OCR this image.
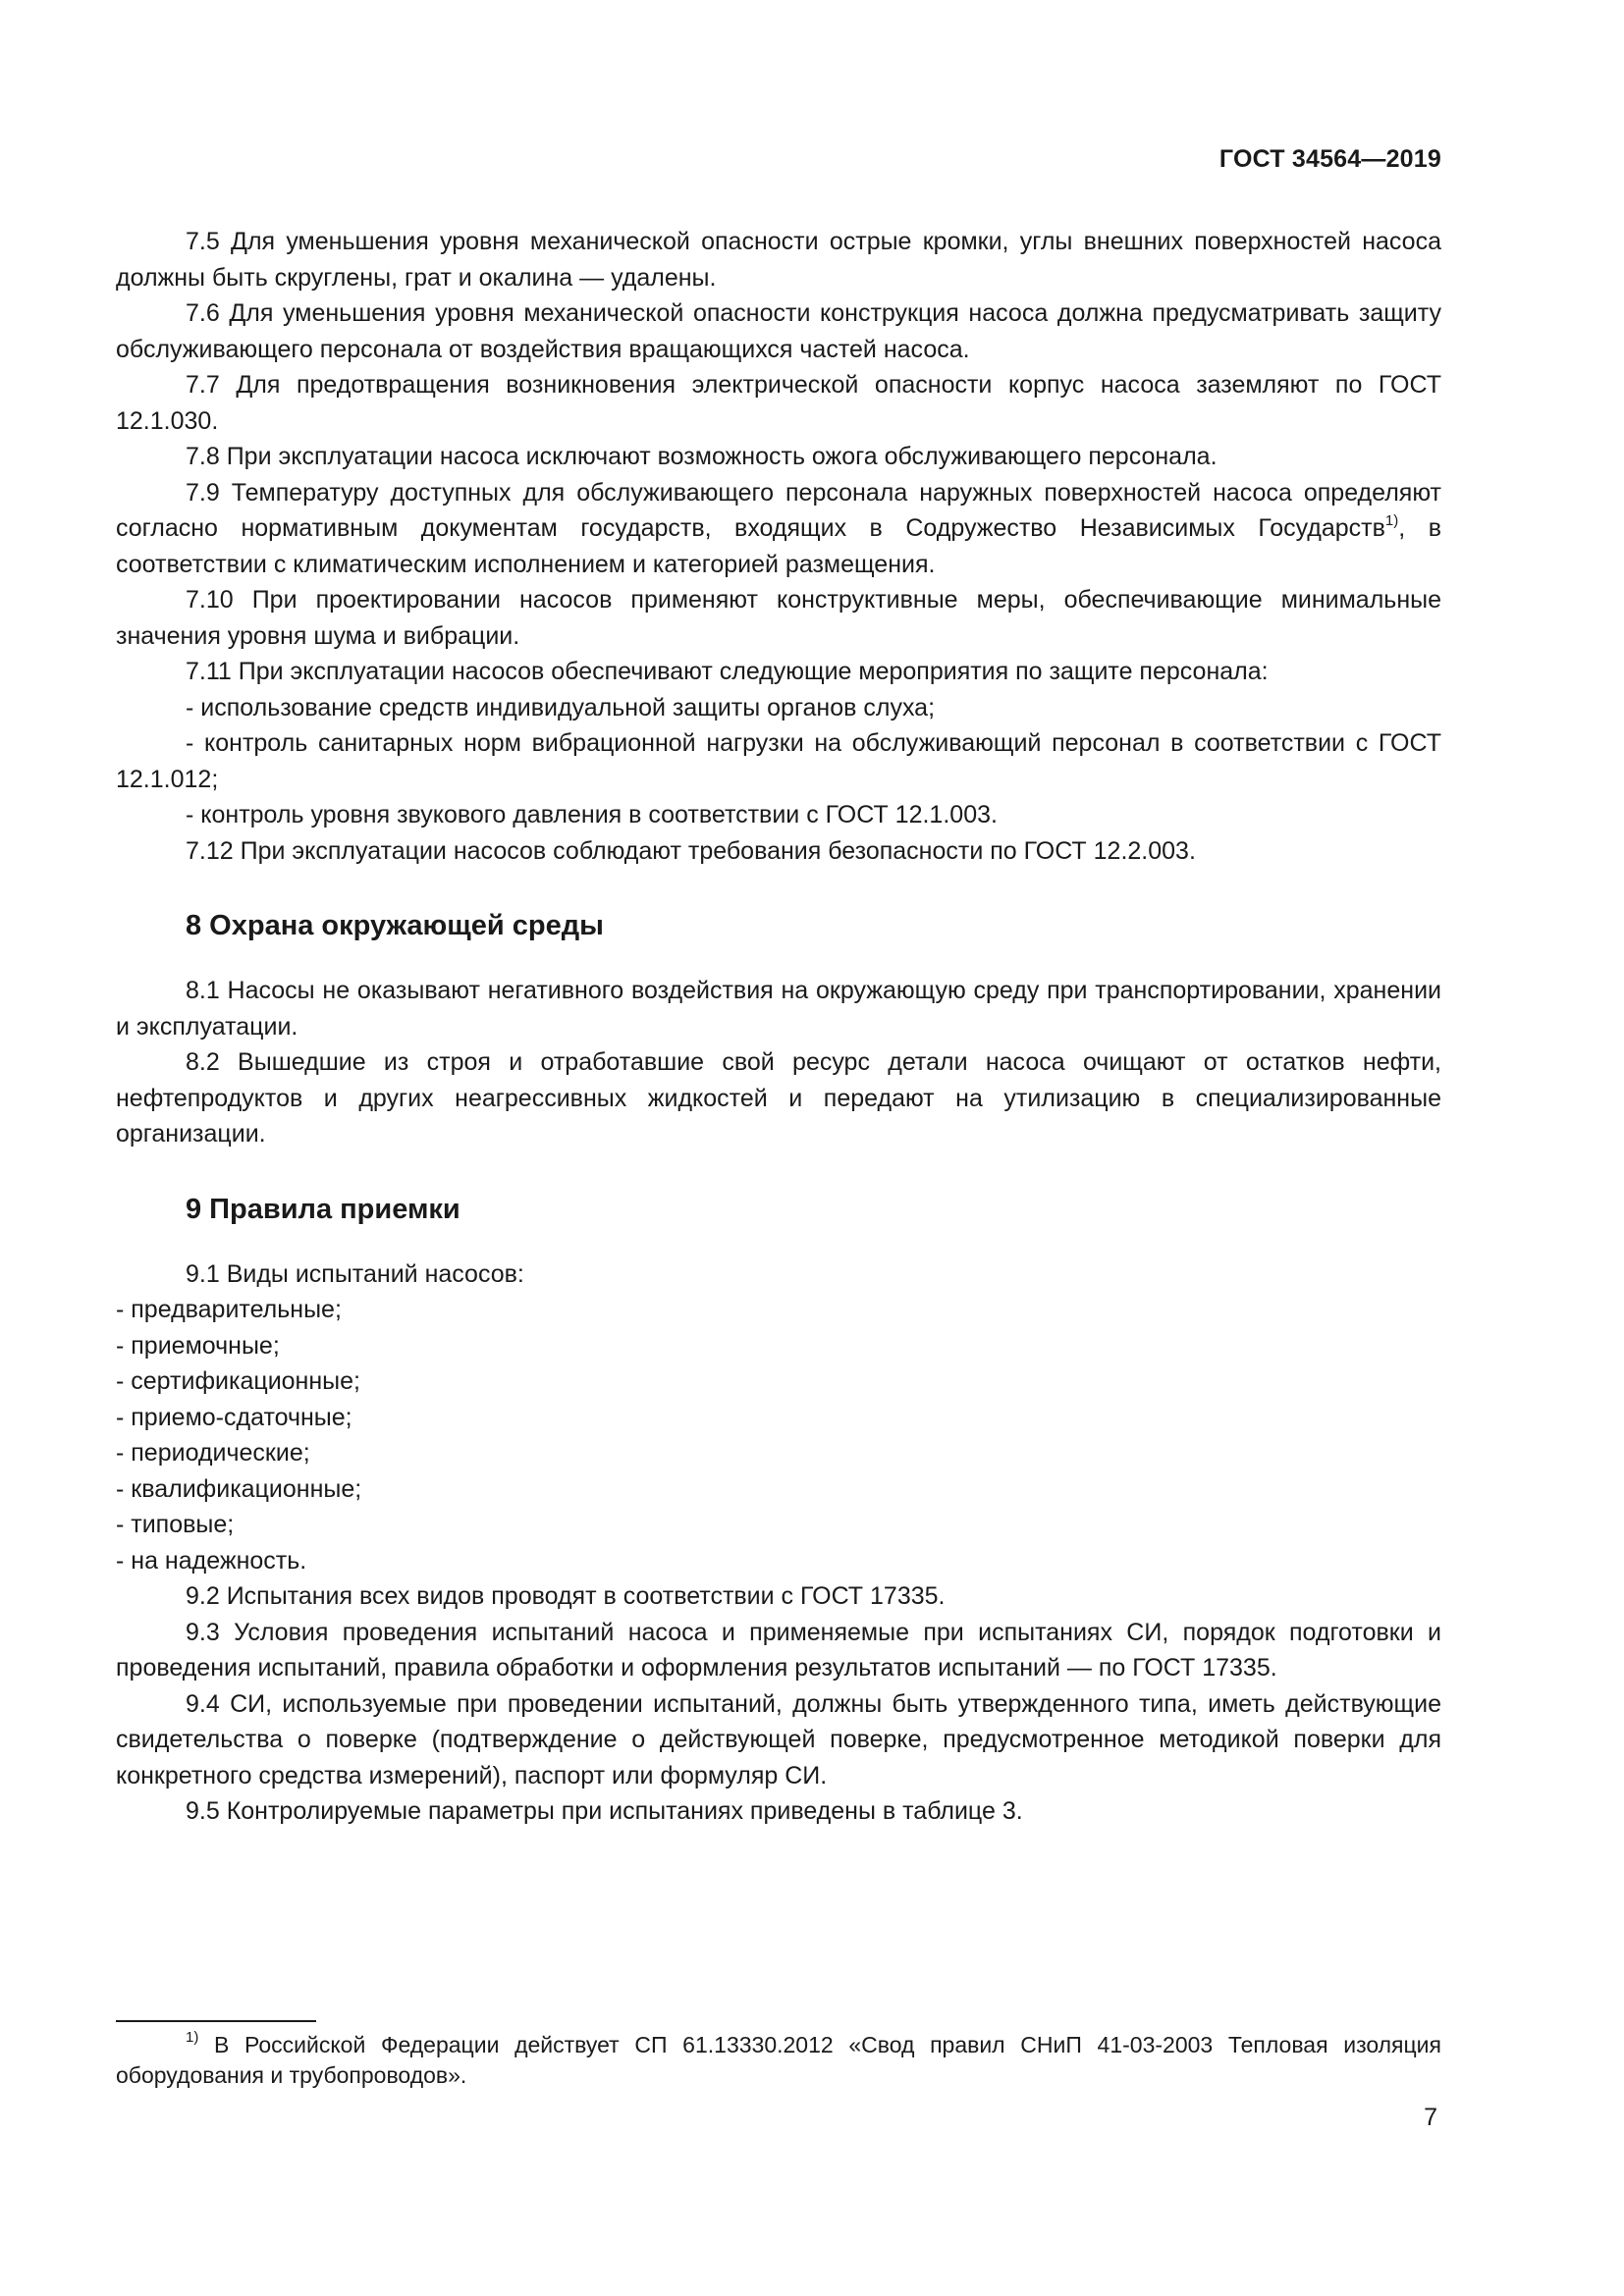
ГОСТ 34564—2019

7.5 Для уменьшения уровня механической опасности острые кромки, углы внешних поверхностей насоса должны быть скруглены, грат и окалина — удалены.

7.6 Для уменьшения уровня механической опасности конструкция насоса должна предусматривать защиту обслуживающего персонала от воздействия вращающихся частей насоса.

7.7 Для предотвращения возникновения электрической опасности корпус насоса заземляют по ГОСТ 12.1.030.

7.8 При эксплуатации насоса исключают возможность ожога обслуживающего персонала.

7.9 Температуру доступных для обслуживающего персонала наружных поверхностей насоса определяют согласно нормативным документам государств, входящих в Содружество Независимых Государств$^{1)}$, в соответствии с климатическим исполнением и категорией размещения.

7.10 При проектировании насосов применяют конструктивные меры, обеспечивающие минимальные значения уровня шума и вибрации.

7.11 При эксплуатации насосов обеспечивают следующие мероприятия по защите персонала:

- использование средств индивидуальной защиты органов слуха;

- контроль санитарных норм вибрационной нагрузки на обслуживающий персонал в соответствии с ГОСТ 12.1.012;

- контроль уровня звукового давления в соответствии с ГОСТ 12.1.003.

7.12 При эксплуатации насосов соблюдают требования безопасности по ГОСТ 12.2.003.

8 Охрана окружающей среды

8.1 Насосы не оказывают негативного воздействия на окружающую среду при транспортировании, хранении и эксплуатации.

8.2 Вышедшие из строя и отработавшие свой ресурс детали насоса очищают от остатков нефти, нефтепродуктов и других неагрессивных жидкостей и передают на утилизацию в специализированные организации.

9 Правила приемки

9.1 Виды испытаний насосов:

- предварительные;

- приемочные;

- сертификационные;

- приемо-сдаточные;

- периодические;

- квалификационные;

- типовые;

- на надежность.

9.2 Испытания всех видов проводят в соответствии с ГОСТ 17335.

9.3 Условия проведения испытаний насоса и применяемые при испытаниях СИ, порядок подготовки и проведения испытаний, правила обработки и оформления результатов испытаний — по ГОСТ 17335.

9.4 СИ, используемые при проведении испытаний, должны быть утвержденного типа, иметь действующие свидетельства о поверке (подтверждение о действующей поверке, предусмотренное методикой поверки для конкретного средства измерений), паспорт или формуляр СИ.

9.5 Контролируемые параметры при испытаниях приведены в таблице 3.

$^{1)}$ В Российской Федерации действует СП 61.13330.2012 «Свод правил СНиП 41-03-2003 Тепловая изоляция оборудования и трубопроводов».

7
